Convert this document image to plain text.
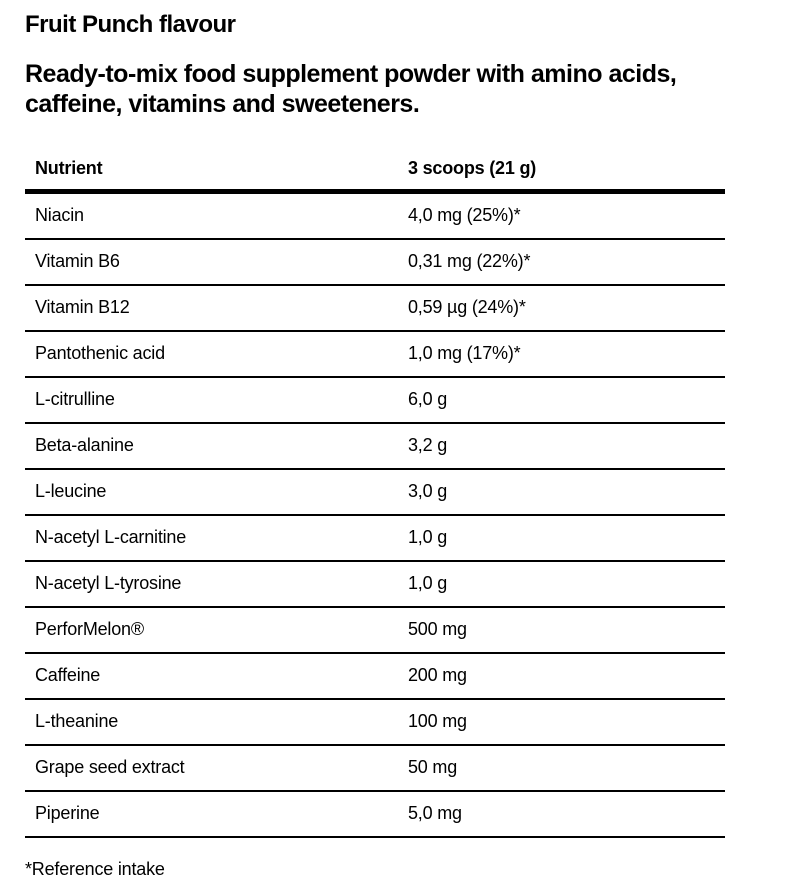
Fruit Punch flavour

Ready-to-mix food supplement powder with amino acids, caffeine, vitamins and sweeteners.

Nutrient	3 scoops (21 g)
Niacin	4,0 mg (25%)*
Vitamin B6	0,31 mg (22%)*
Vitamin B12	0,59 µg (24%)*
Pantothenic acid	1,0 mg (17%)*
L-citrulline	6,0 g
Beta-alanine	3,2 g
L-leucine	3,0 g
N-acetyl L-carnitine	1,0 g
N-acetyl L-tyrosine	1,0 g
PerforMelon®	500 mg
Caffeine	200 mg
L-theanine	100 mg
Grape seed extract	50 mg
Piperine	5,0 mg

*Reference intake
